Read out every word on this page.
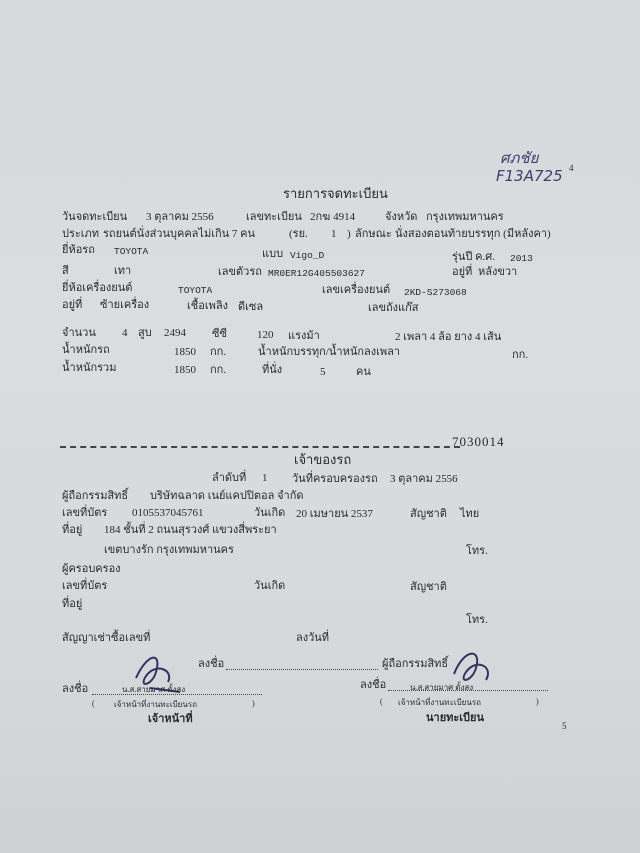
ศภชัย
F13A725 4
รายการจดทะเบียน
วันจดทะเบียน 3 ตุลาคม 2556	เลขทะเบียน 2กฆ 4914	จังหวัด กรุงเทพมหานคร
ประเภท รถยนต์นั่งส่วนบุคคลไม่เกิน 7 คน	(รย. 1 ) ลักษณะ นั่งสองตอนท้ายบรรทุก (มีหลังคา)
ยี่ห้อรถ TOYOTA	แบบ Vigo_D	รุ่นปี ค.ศ. 2013
สี	เทา	เลขตัวรถ MR0ER12G405503627	อยู่ที่ หลังขวา
ยี่ห้อเครื่องยนต์	TOYOTA	เลขเครื่องยนต์ 2KD-S273068
อยู่ที่ ซ้ายเครื่อง	เชื้อเพลิง ดีเซล	เลขถังแก๊ส
จำนวน 4 สูบ 2494 ซีซี	120 แรงม้า	2 เพลา 4 ล้อ ยาง 4 เส้น
น้ำหนักรถ	1850 กก.	น้ำหนักบรรทุก/น้ำหนักลงเพลา	กก.
น้ำหนักรวม	1850 กก.	ที่นั่ง	5	คน
7030014
เจ้าของรถ
ลำดับที่ 1 วันที่ครอบครองรถ 3 ตุลาคม 2556
ผู้ถือกรรมสิทธิ์ บริษัทฉลาด เนย์แคปปิตอล จำกัด
เลขที่บัตร 0105537045761	วันเกิด 20 เมษายน 2537	สัญชาติ ไทย
ที่อยู่ 184 ชั้นที่ 2 ถนนสุรวงศ์ แขวงสี่พระยา
เขตบางรัก กรุงเทพมหานคร	โทร.
ผู้ครอบครอง
เลขที่บัตร	วันเกิด	สัญชาติ
ที่อยู่
โทร.
สัญญาเช่าซื้อเลขที่	ลงวันที่
ลงชื่อ	ผู้ถือกรรมสิทธิ์
ลงชื่อ	น.ส.สายมาศ ตั้งสง
( เจ้าหน้าที่งานทะเบียนรถ	)
เจ้าหน้าที่
ลงชื่อ	น.ส.สายมาศ ตั้งสง
( เจ้าหน้าที่งานทะเบียนรถ	)
นายทะเบียน
5
